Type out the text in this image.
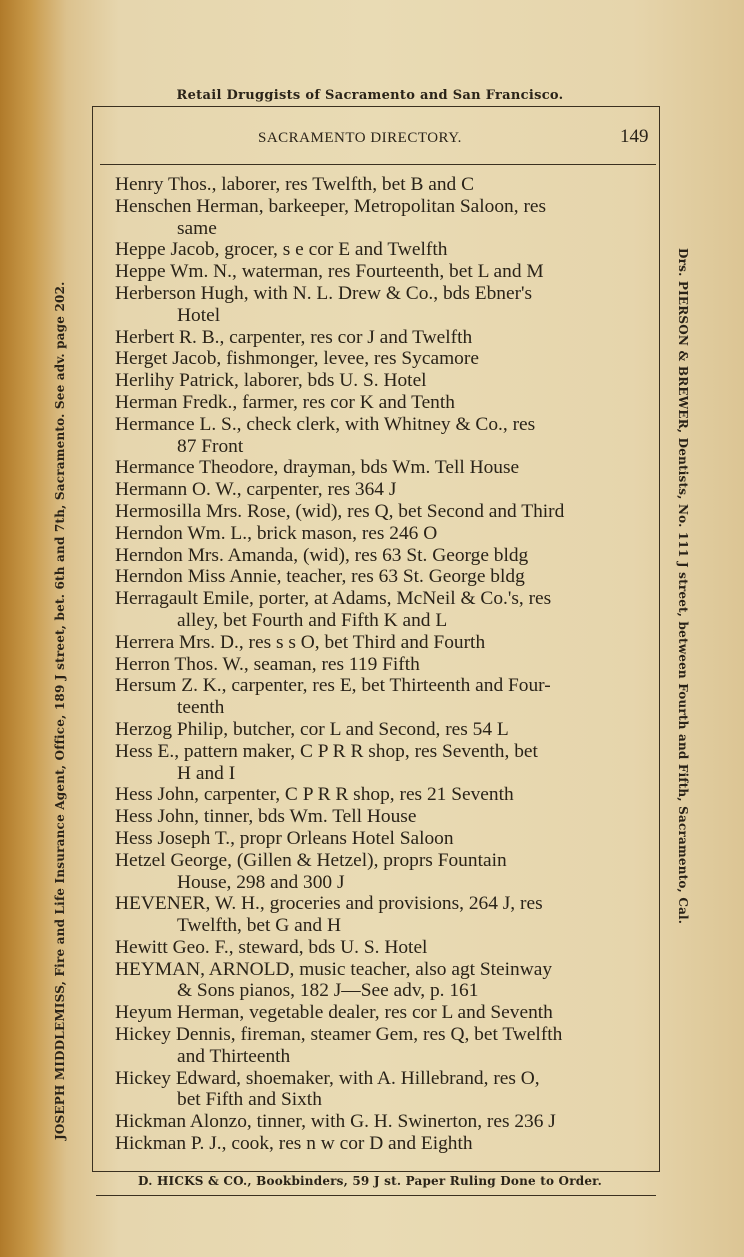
Retail Druggists of Sacramento and San Francisco.
SACRAMENTO DIRECTORY.	149
Henry Thos., laborer, res Twelfth, bet B and C
Henschen Herman, barkeeper, Metropolitan Saloon, res
same
Heppe Jacob, grocer, s e cor E and Twelfth
Heppe Wm. N., waterman, res Fourteenth, bet L and M
Herberson Hugh, with N. L. Drew & Co., bds Ebner's
Hotel
Herbert R. B., carpenter, res cor J and Twelfth
Herget Jacob, fishmonger, levee, res Sycamore
Herlihy Patrick, laborer, bds U. S. Hotel
Herman Fredk., farmer, res cor K and Tenth
Hermance L. S., check clerk, with Whitney & Co., res
87 Front
Hermance Theodore, drayman, bds Wm. Tell House
Hermann O. W., carpenter, res 364 J
Hermosilla Mrs. Rose, (wid), res Q, bet Second and Third
Herndon Wm. L., brick mason, res 246 O
Herndon Mrs. Amanda, (wid), res 63 St. George bldg
Herndon Miss Annie, teacher, res 63 St. George bldg
Herragault Emile, porter, at Adams, McNeil & Co.'s, res
alley, bet Fourth and Fifth K and L
Herrera Mrs. D., res s s O, bet Third and Fourth
Herron Thos. W., seaman, res 119 Fifth
Hersum Z. K., carpenter, res E, bet Thirteenth and Four-
teenth
Herzog Philip, butcher, cor L and Second, res 54 L
Hess E., pattern maker, C P R R shop, res Seventh, bet
H and I
Hess John, carpenter, C P R R shop, res 21 Seventh
Hess John, tinner, bds Wm. Tell House
Hess Joseph T., propr Orleans Hotel Saloon
Hetzel George, (Gillen & Hetzel), proprs Fountain
House, 298 and 300 J
HEVENER, W. H., groceries and provisions, 264 J, res
Twelfth, bet G and H
Hewitt Geo. F., steward, bds U. S. Hotel
HEYMAN, ARNOLD, music teacher, also agt Steinway
& Sons pianos, 182 J—See adv, p. 161
Heyum Herman, vegetable dealer, res cor L and Seventh
Hickey Dennis, fireman, steamer Gem, res Q, bet Twelfth
and Thirteenth
Hickey Edward, shoemaker, with A. Hillebrand, res O,
bet Fifth and Sixth
Hickman Alonzo, tinner, with G. H. Swinerton, res 236 J
Hickman P. J., cook, res n w cor D and Eighth
JOSEPH MIDDLEMISS, Fire and Life Insurance Agent, Office, 189 J street, bet. 6th and 7th, Sacramento. See adv. page 202.	Drs. PIERSON & BREWER, Dentists, No. 111 J street, between Fourth and Fifth, Sacramento, Cal.
D. HICKS & CO., Bookbinders, 59 J st. Paper Ruling Done to Order.
